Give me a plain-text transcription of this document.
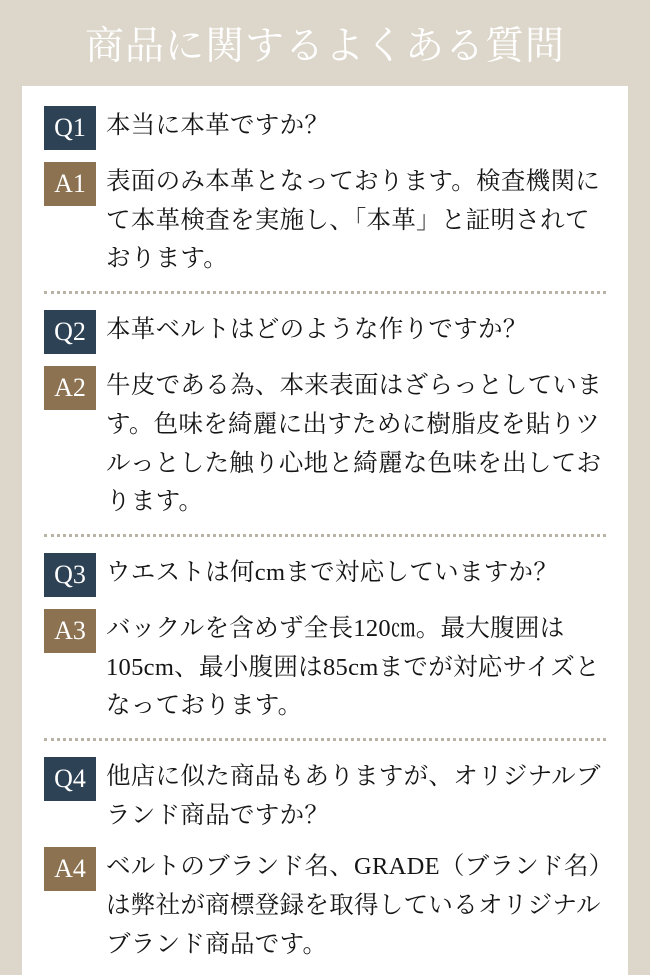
商品に関するよくある質問
Q1 本当に本革ですか？
A1 表面のみ本革となっております。検査機関にて本革検査を実施し、「本革」と証明されております。
Q2 本革ベルトはどのような作りですか？
A2 牛皮である為、本来表面はざらっとしています。色味を綺麗に出すために樹脂皮を貼りツルっとした触り心地と綺麗な色味を出しております。
Q3 ウエストは何cmまで対応していますか？
A3 バックルを含めず全長120㎝。最大腹囲は105cm、最小腹囲は85cmまでが対応サイズとなっております。
Q4 他店に似た商品もありますが、オリジナルブランド商品ですか？
A4 ベルトのブランド名、GRADE（ブランド名）は弊社が商標登録を取得しているオリジナルブランド商品です。
